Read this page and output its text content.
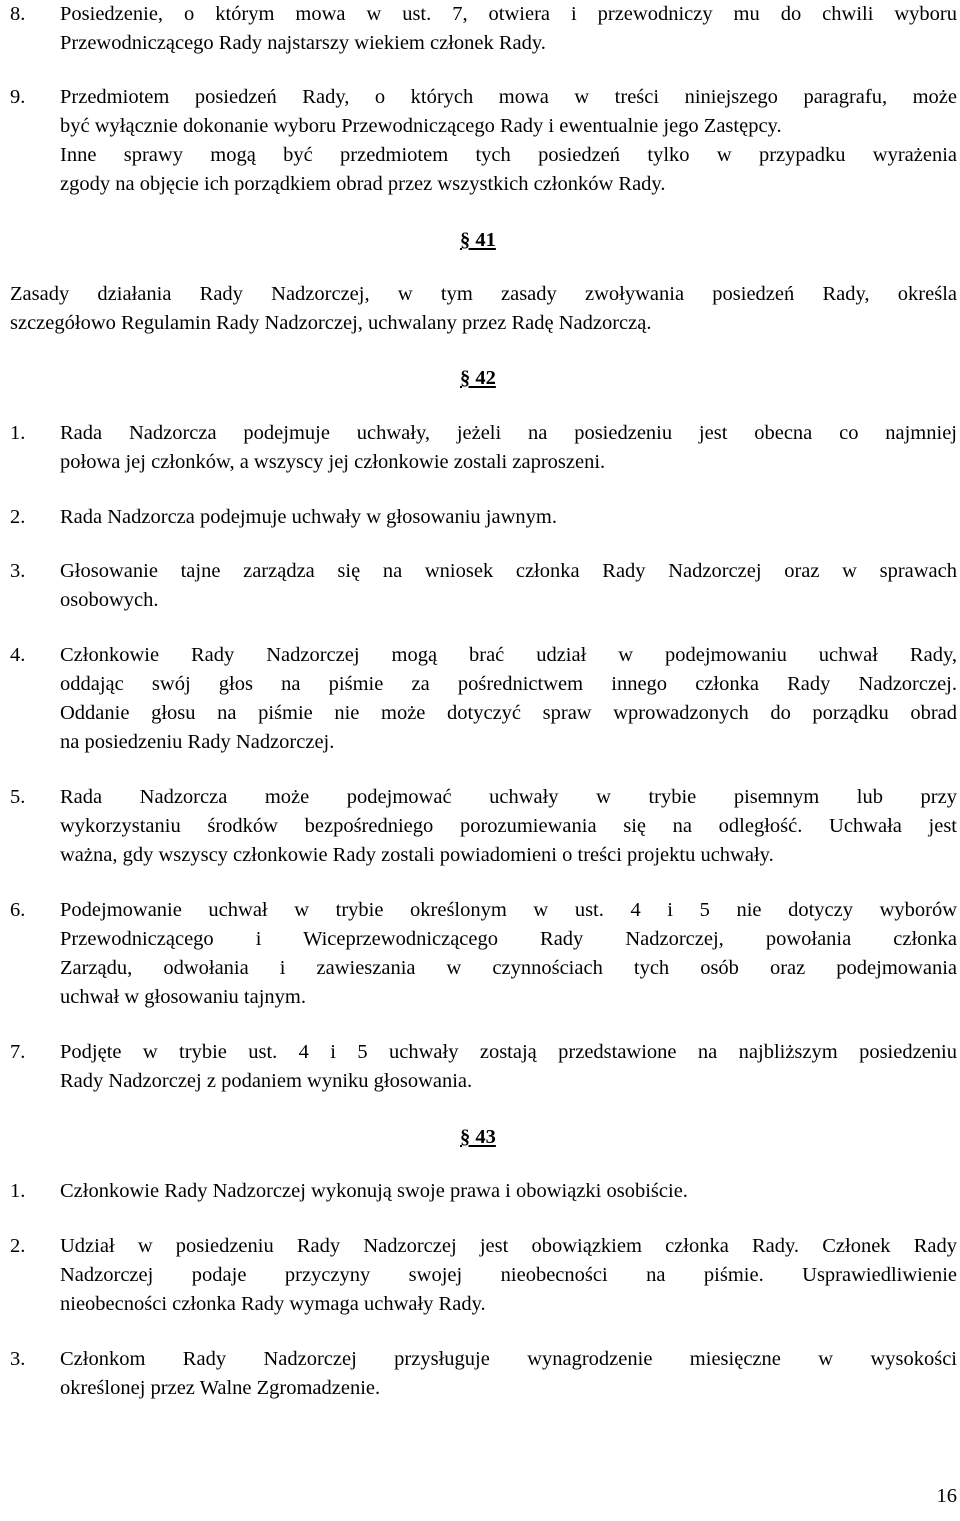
8. Posiedzenie, o którym mowa w ust. 7, otwiera i przewodniczy mu do chwili wyboru
Przewodniczącego Rady najstarszy wiekiem członek Rady.
9. Przedmiotem posiedzeń Rady, o których mowa w treści niniejszego paragrafu, może
być wyłącznie dokonanie wyboru Przewodniczącego Rady i ewentualnie jego Zastępcy.
Inne sprawy mogą być przedmiotem tych posiedzeń tylko w przypadku wyrażenia
zgody na objęcie ich porządkiem obrad przez wszystkich członków Rady.
§ 41
Zasady działania Rady Nadzorczej, w tym zasady zwoływania posiedzeń Rady, określa
szczegółowo Regulamin Rady Nadzorczej, uchwalany przez Radę Nadzorczą.
§ 42
1. Rada Nadzorcza podejmuje uchwały, jeżeli na posiedzeniu jest obecna co najmniej
połowa jej członków, a wszyscy jej członkowie zostali zaproszeni.
2. Rada Nadzorcza podejmuje uchwały w głosowaniu jawnym.
3. Głosowanie tajne zarządza się na wniosek członka Rady Nadzorczej oraz w sprawach
osobowych.
4. Członkowie Rady Nadzorczej mogą brać udział w podejmowaniu uchwał Rady,
oddając swój głos na piśmie za pośrednictwem innego członka Rady Nadzorczej.
Oddanie głosu na piśmie nie może dotyczyć spraw wprowadzonych do porządku obrad
na posiedzeniu Rady Nadzorczej.
5. Rada Nadzorcza może podejmować uchwały w trybie pisemnym lub przy
wykorzystaniu środków bezpośredniego porozumiewania się na odległość. Uchwała jest
ważna, gdy wszyscy członkowie Rady zostali powiadomieni o treści projektu uchwały.
6. Podejmowanie uchwał w trybie określonym w ust. 4 i 5 nie dotyczy wyborów
Przewodniczącego i Wiceprzewodniczącego Rady Nadzorczej, powołania członka
Zarządu, odwołania i zawieszania w czynnościach tych osób oraz podejmowania
uchwał w głosowaniu tajnym.
7. Podjęte w trybie ust. 4 i 5 uchwały zostają przedstawione na najbliższym posiedzeniu
Rady Nadzorczej z podaniem wyniku głosowania.
§ 43
1. Członkowie Rady Nadzorczej wykonują swoje prawa i obowiązki osobiście.
2. Udział w posiedzeniu Rady Nadzorczej jest obowiązkiem członka Rady. Członek Rady
Nadzorczej podaje przyczyny swojej nieobecności na piśmie. Usprawiedliwienie
nieobecności członka Rady wymaga uchwały Rady.
3. Członkom Rady Nadzorczej przysługuje wynagrodzenie miesięczne w wysokości
określonej przez Walne Zgromadzenie.
16
